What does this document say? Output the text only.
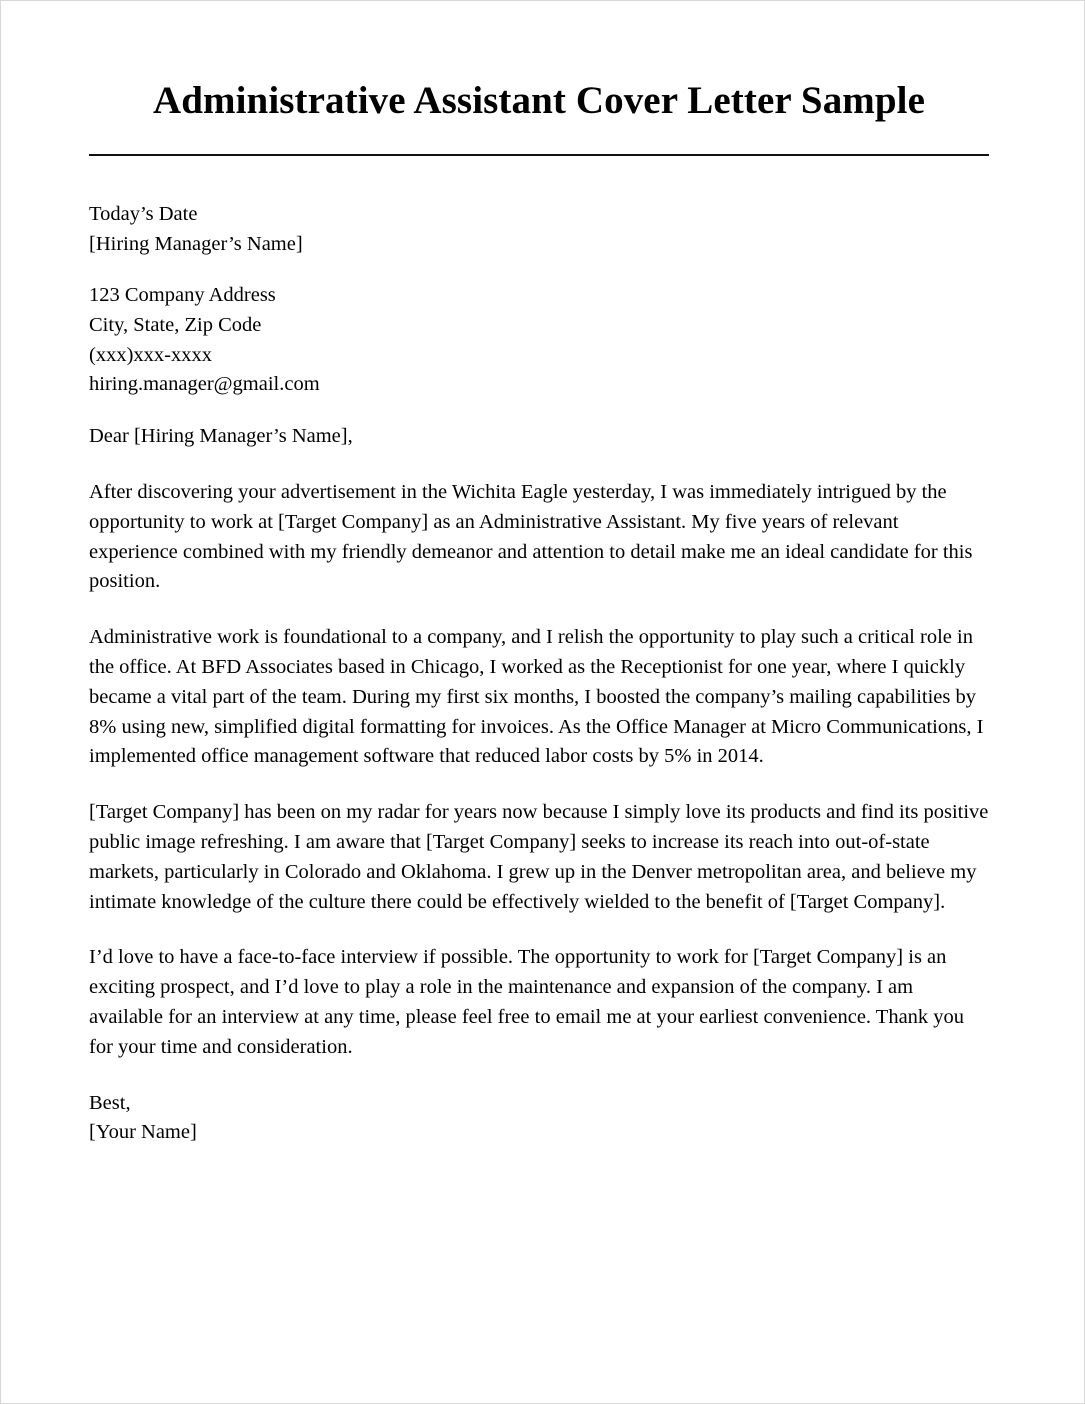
Administrative Assistant Cover Letter Sample
Today’s Date
[Hiring Manager’s Name]
123 Company Address
City, State, Zip Code
(xxx)xxx-xxxx
hiring.manager@gmail.com
Dear [Hiring Manager’s Name],

After discovering your advertisement in the Wichita Eagle yesterday, I was immediately intrigued by the opportunity to work at [Target Company] as an Administrative Assistant. My five years of relevant experience combined with my friendly demeanor and attention to detail make me an ideal candidate for this position.

Administrative work is foundational to a company, and I relish the opportunity to play such a critical role in the office. At BFD Associates based in Chicago, I worked as the Receptionist for one year, where I quickly became a vital part of the team. During my first six months, I boosted the company’s mailing capabilities by 8% using new, simplified digital formatting for invoices. As the Office Manager at Micro Communications, I implemented office management software that reduced labor costs by 5% in 2014.

[Target Company] has been on my radar for years now because I simply love its products and find its positive public image refreshing. I am aware that [Target Company] seeks to increase its reach into out-of-state markets, particularly in Colorado and Oklahoma. I grew up in the Denver metropolitan area, and believe my intimate knowledge of the culture there could be effectively wielded to the benefit of [Target Company].

I’d love to have a face-to-face interview if possible. The opportunity to work for [Target Company] is an exciting prospect, and I’d love to play a role in the maintenance and expansion of the company. I am available for an interview at any time, please feel free to email me at your earliest convenience. Thank you for your time and consideration.

Best,
[Your Name]
